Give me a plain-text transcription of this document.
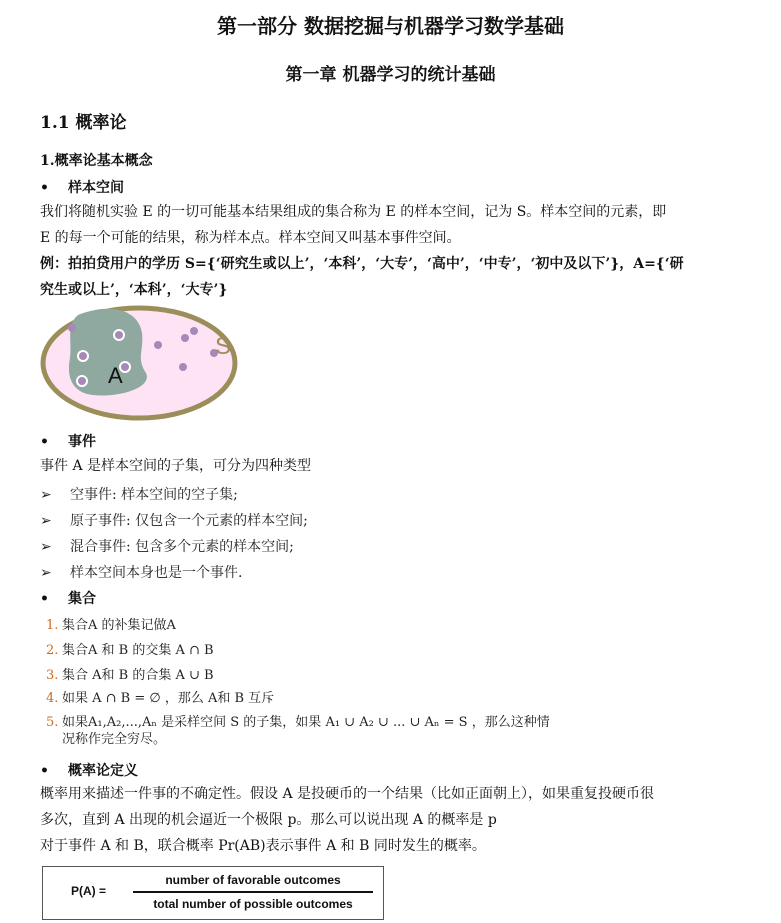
第一部分 数据挖掘与机器学习数学基础
第一章 机器学习的统计基础
1.1 概率论
1.概率论基本概念
• 样本空间
我们将随机实验 E 的一切可能基本结果组成的集合称为 E 的样本空间，记为 S。样本空间的元素，即
E 的每一个可能的结果，称为样本点。样本空间又叫基本事件空间。
例：拍拍贷用户的学历 S={‘研究生或以上’，‘本科’，‘大专’，‘高中’，‘中专’，‘初中及以下’}，A={‘研
究生或以上’，‘本科’，‘大专’}
A
S
• 事件
事件 A 是样本空间的子集，可分为四种类型
➢ 空事件: 样本空间的空子集;
➢ 原子事件: 仅包含一个元素的样本空间;
➢ 混合事件: 包含多个元素的样本空间;
➢ 样本空间本身也是一个事件.
• 集合
1. 集合A 的补集记做A
2. 集合A 和 B 的交集 A ∩ B
3. 集合 A和 B 的合集 A ∪ B
4. 如果 A ∩ B = ∅ ，那么 A和 B 互斥
5. 如果A₁,A₂,...,Aₙ 是采样空间 S 的子集，如果 A₁ ∪ A₂ ∪ ... ∪ Aₙ = S ，那么这种情
况称作完全穷尽。
• 概率论定义
概率用来描述一件事的不确定性。假设 A 是投硬币的一个结果（比如正面朝上），如果重复投硬币很
多次，直到 A 出现的机会逼近一个极限 p。那么可以说出现 A 的概率是 p
对于事件 A 和 B，联合概率 Pr(AB)表示事件 A 和 B 同时发生的概率。
P(A) =
number of favorable outcomes
total number of possible outcomes
